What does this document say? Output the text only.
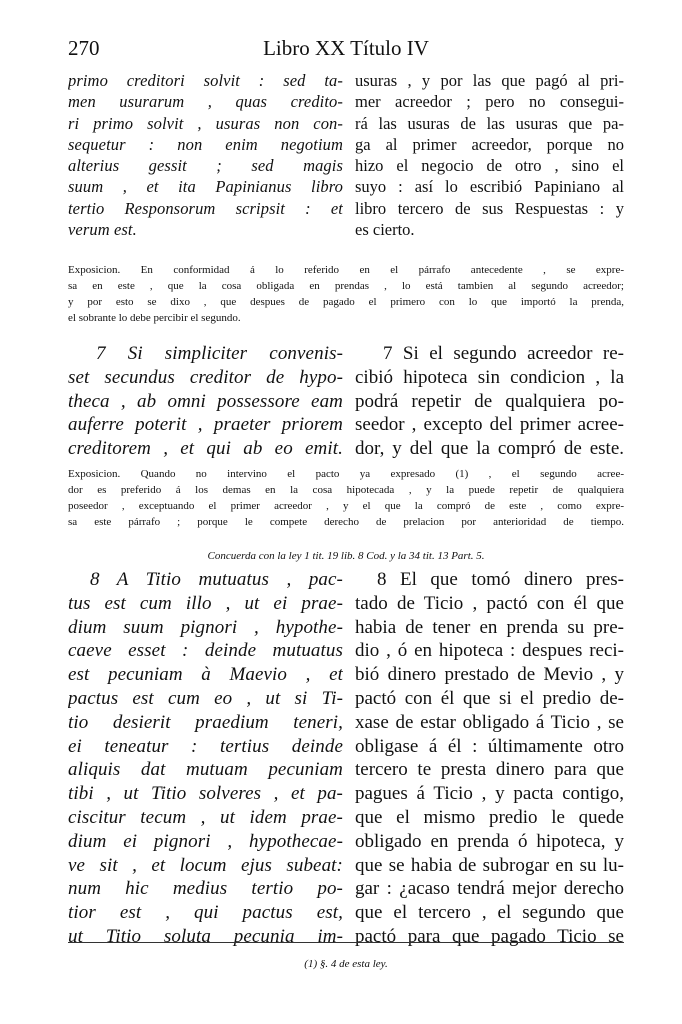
270	Libro XX Título IV
primo creditori solvit : sed ta-
men usurarum , quas credito-
ri primo solvit , usuras non con-
sequetur : non enim negotium
alterius gessit ; sed magis
suum , et ita Papinianus libro
tertio Responsorum scripsit : et
verum est.
usuras , y por las que pagó al pri-
mer acreedor ; pero no consegui-
rá las usuras de las usuras que pa-
ga al primer acreedor, porque no
hizo el negocio de otro , sino el
suyo : así lo escribió Papiniano al
libro tercero de sus Respuestas : y
es cierto.
Exposicion. En conformidad á lo referido en el párrafo antecedente , se expre-
sa en este , que la cosa obligada en prendas , lo está tambien al segundo acreedor;
y por esto se dixo , que despues de pagado el primero con lo que importó la prenda,
el sobrante lo debe percibir el segundo.
7 Si simpliciter convenis-
set secundus creditor de hypo-
theca , ab omni possessore eam
auferre poterit , praeter priorem
creditorem , et qui ab eo emit.
7 Si el segundo acreedor re-
cibió hipoteca sin condicion , la
podrá repetir de qualquiera po-
seedor , excepto del primer acree-
dor, y del que la compró de este.
Exposicion. Quando no intervino el pacto ya expresado (1) , el segundo acree-
dor es preferido á los demas en la cosa hipotecada , y la puede repetir de qualquiera
poseedor , exceptuando el primer acreedor , y el que la compró de este , como expre-
sa este párrafo ; porque le compete derecho de prelacion por anterioridad de tiempo.
Concuerda con la ley 1 tit. 19 lib. 8 Cod. y la 34 tit. 13 Part. 5.
8 A Titio mutuatus , pac-
tus est cum illo , ut ei prae-
dium suum pignori , hypothe-
caeve esset : deinde mutuatus
est pecuniam à Maevio , et
pactus est cum eo , ut si Ti-
tio desierit praedium teneri,
ei teneatur : tertius deinde
aliquis dat mutuam pecuniam
tibi , ut Titio solveres , et pa-
ciscitur tecum , ut idem prae-
dium ei pignori , hypothecae-
ve sit , et locum ejus subeat:
num hic medius tertio po-
tior est , qui pactus est,
ut Titio soluta pecunia im-
8 El que tomó dinero pres-
tado de Ticio , pactó con él que
habia de tener en prenda su pre-
dio , ó en hipoteca : despues reci-
bió dinero prestado de Mevio , y
pactó con él que si el predio de-
xase de estar obligado á Ticio , se
obligase á él : últimamente otro
tercero te presta dinero para que
pagues á Ticio , y pacta contigo,
que el mismo predio le quede
obligado en prenda ó hipoteca, y
que se habia de subrogar en su lu-
gar : ¿acaso tendrá mejor derecho
que el tercero , el segundo que
pactó para que pagado Ticio se
(1) §. 4 de esta ley.
